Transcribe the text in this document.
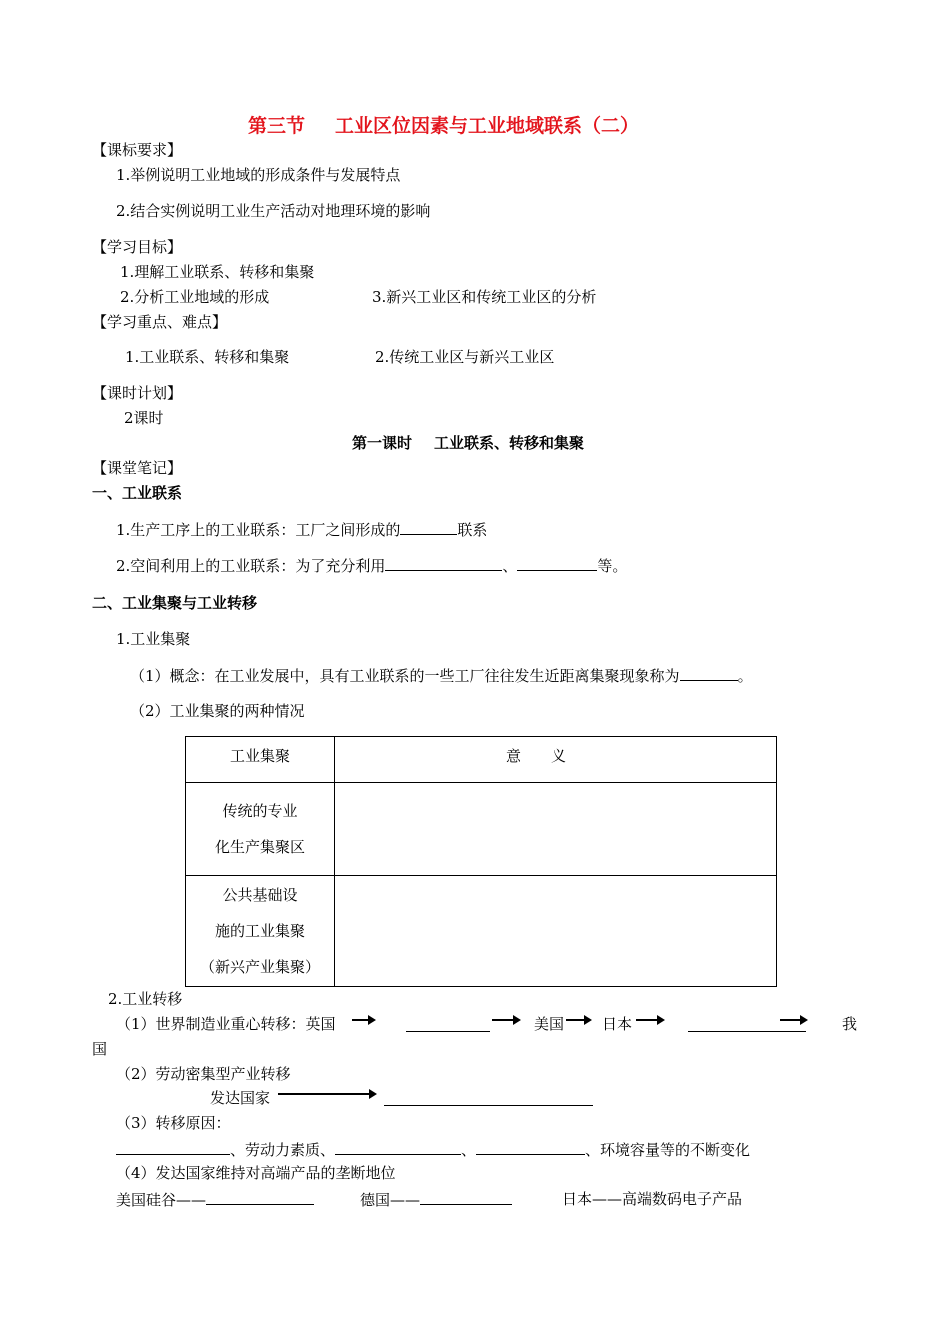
第三节 工业区位因素与工业地域联系（二）
【课标要求】
1.举例说明工业地域的形成条件与发展特点
2.结合实例说明工业生产活动对地理环境的影响
【学习目标】
1.理解工业联系、转移和集聚
2.分析工业地域的形成	3.新兴工业区和传统工业区的分析
【学习重点、难点】
1.工业联系、转移和集聚	2.传统工业区与新兴工业区
【课时计划】
2课时
第一课时 工业联系、转移和集聚
【课堂笔记】
一、工业联系
1.生产工序上的工业联系：工厂之间形成的	联系
2.空间利用上的工业联系：为了充分利用	、	等。
二、工业集聚与工业转移
1.工业集聚
（1）概念：在工业发展中，具有工业联系的一些工厂往往发生近距离集聚现象称为	。
（2）工业集聚的两种情况
工业集聚	意　　义

传统的专业
化生产集聚区	

公共基础设
施的工业集聚
（新兴产业集聚）	

2.工业转移
（1）世界制造业重心转移：英国	美国	日本	我
国
（2）劳动密集型产业转移
发达国家
（3）转移原因：
、劳动力素质、	、	、环境容量等的不断变化
（4）发达国家维持对高端产品的垄断地位
美国硅谷——	德国——	日本——高端数码电子产品
